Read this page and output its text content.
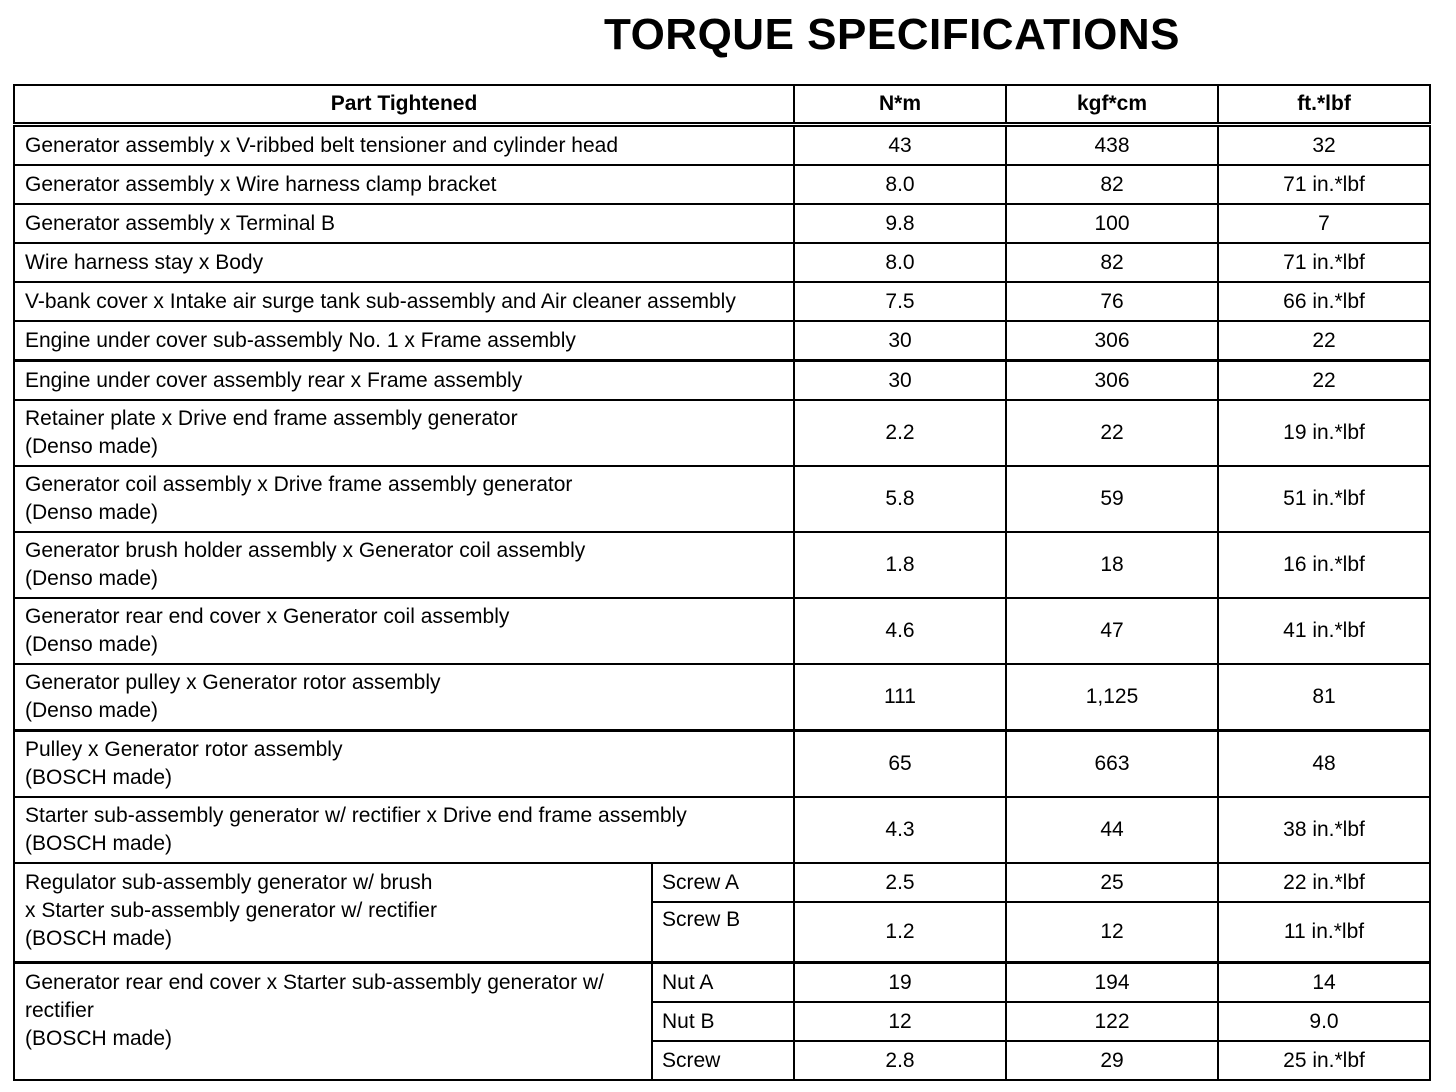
TORQUE SPECIFICATIONS
Part Tightened		N*m	kgf*cm	ft.*lbf

Generator assembly x V-ribbed belt tensioner and cylinder head		43	438	32

Generator assembly x Wire harness clamp bracket		8.0	82	71 in.*lbf

Generator assembly x Terminal B		9.8	100	7

Wire harness stay x Body		8.0	82	71 in.*lbf

V-bank cover x Intake air surge tank sub-assembly and Air cleaner assembly		7.5	76	66 in.*lbf

Engine under cover sub-assembly No. 1 x Frame assembly		30	306	22

Engine under cover assembly rear x Frame assembly		30	306	22

Retainer plate x Drive end frame assembly generator
(Denso made)		2.2	22	19 in.*lbf

Generator coil assembly x Drive frame assembly generator
(Denso made)		5.8	59	51 in.*lbf

Generator brush holder assembly x Generator coil assembly
(Denso made)		1.8	18	16 in.*lbf

Generator rear end cover x Generator coil assembly
(Denso made)		4.6	47	41 in.*lbf

Generator pulley x Generator rotor assembly
(Denso made)		111	1,125	81

Pulley x Generator rotor assembly
(BOSCH made)		65	663	48

Starter sub-assembly generator w/ rectifier x Drive end frame assembly
(BOSCH made)		4.3	44	38 in.*lbf

Regulator sub-assembly generator w/ brush
x Starter sub-assembly generator w/ rectifier
(BOSCH made)	Screw A	2.5	25	22 in.*lbf
	Screw B	1.2	12	11 in.*lbf

Generator rear end cover x Starter sub-assembly generator w/
rectifier
(BOSCH made)	Nut A	19	194	14
	Nut B	12	122	9.0
	Screw	2.8	29	25 in.*lbf
